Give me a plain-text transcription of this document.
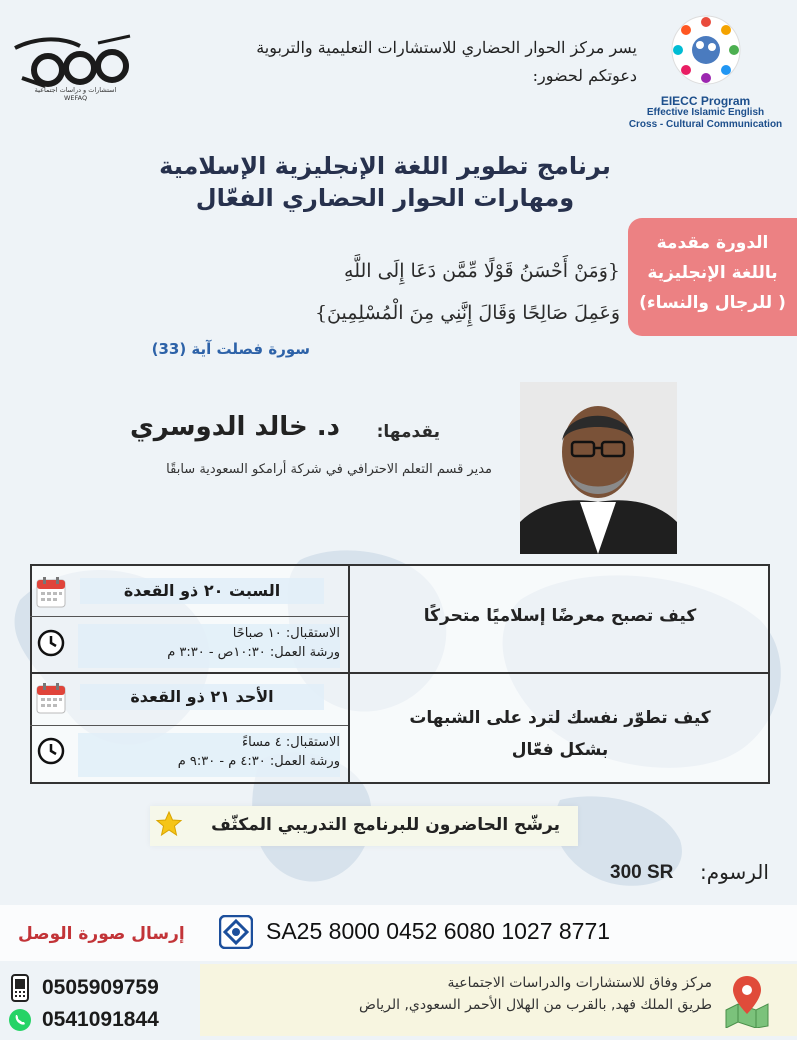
استشارات و دراسات اجتماعية
WEFAQ	EIECC Program
Effective Islamic English
Cross - Cultural Communication
يسر مركز الحوار الحضاري للاستشارات التعليمية والتربوية
دعوتكم لحضور:
برنامج تطوير اللغة الإنجليزية الإسلامية
ومهارات الحوار الحضاري الفعّال
الدورة مقدمة
باللغة الإنجليزية
( للرجال والنساء)
{وَمَنْ أَحْسَنُ قَوْلًا مِّمَّن دَعَا إِلَى اللَّهِ
وَعَمِلَ صَالِحًا وَقَالَ إِنَّنِي مِنَ الْمُسْلِمِينَ}
سورة فصلت آية (33)
يقدمها:
د. خالد الدوسري
مدير قسم التعلم الاحترافي في شركة أرامكو السعودية سابقًا
كيف تصبح معرضًا إسلاميًا متحركًا
السبت ٢٠ ذو القعدة
الاستقبال: ١٠ صباحًا
ورشة العمل: ١٠:٣٠ص - ٣:٣٠ م
كيف تطوّر نفسك لترد على الشبهات
بشكل فعّال
الأحد ٢١ ذو القعدة
الاستقبال: ٤ مساءً
ورشة العمل: ٤:٣٠ م - ٩:٣٠ م
يرشّح الحاضرون للبرنامج التدريبي المكثّف
الرسوم:
300 SR
إرسال صورة الوصل	SA25 8000 0452 6080 1027 8771
0505909759
0541091844
مركز وفاق للاستشارات والدراسات الاجتماعية
طريق الملك فهد, بالقرب من الهلال الأحمر السعودي, الرياض
